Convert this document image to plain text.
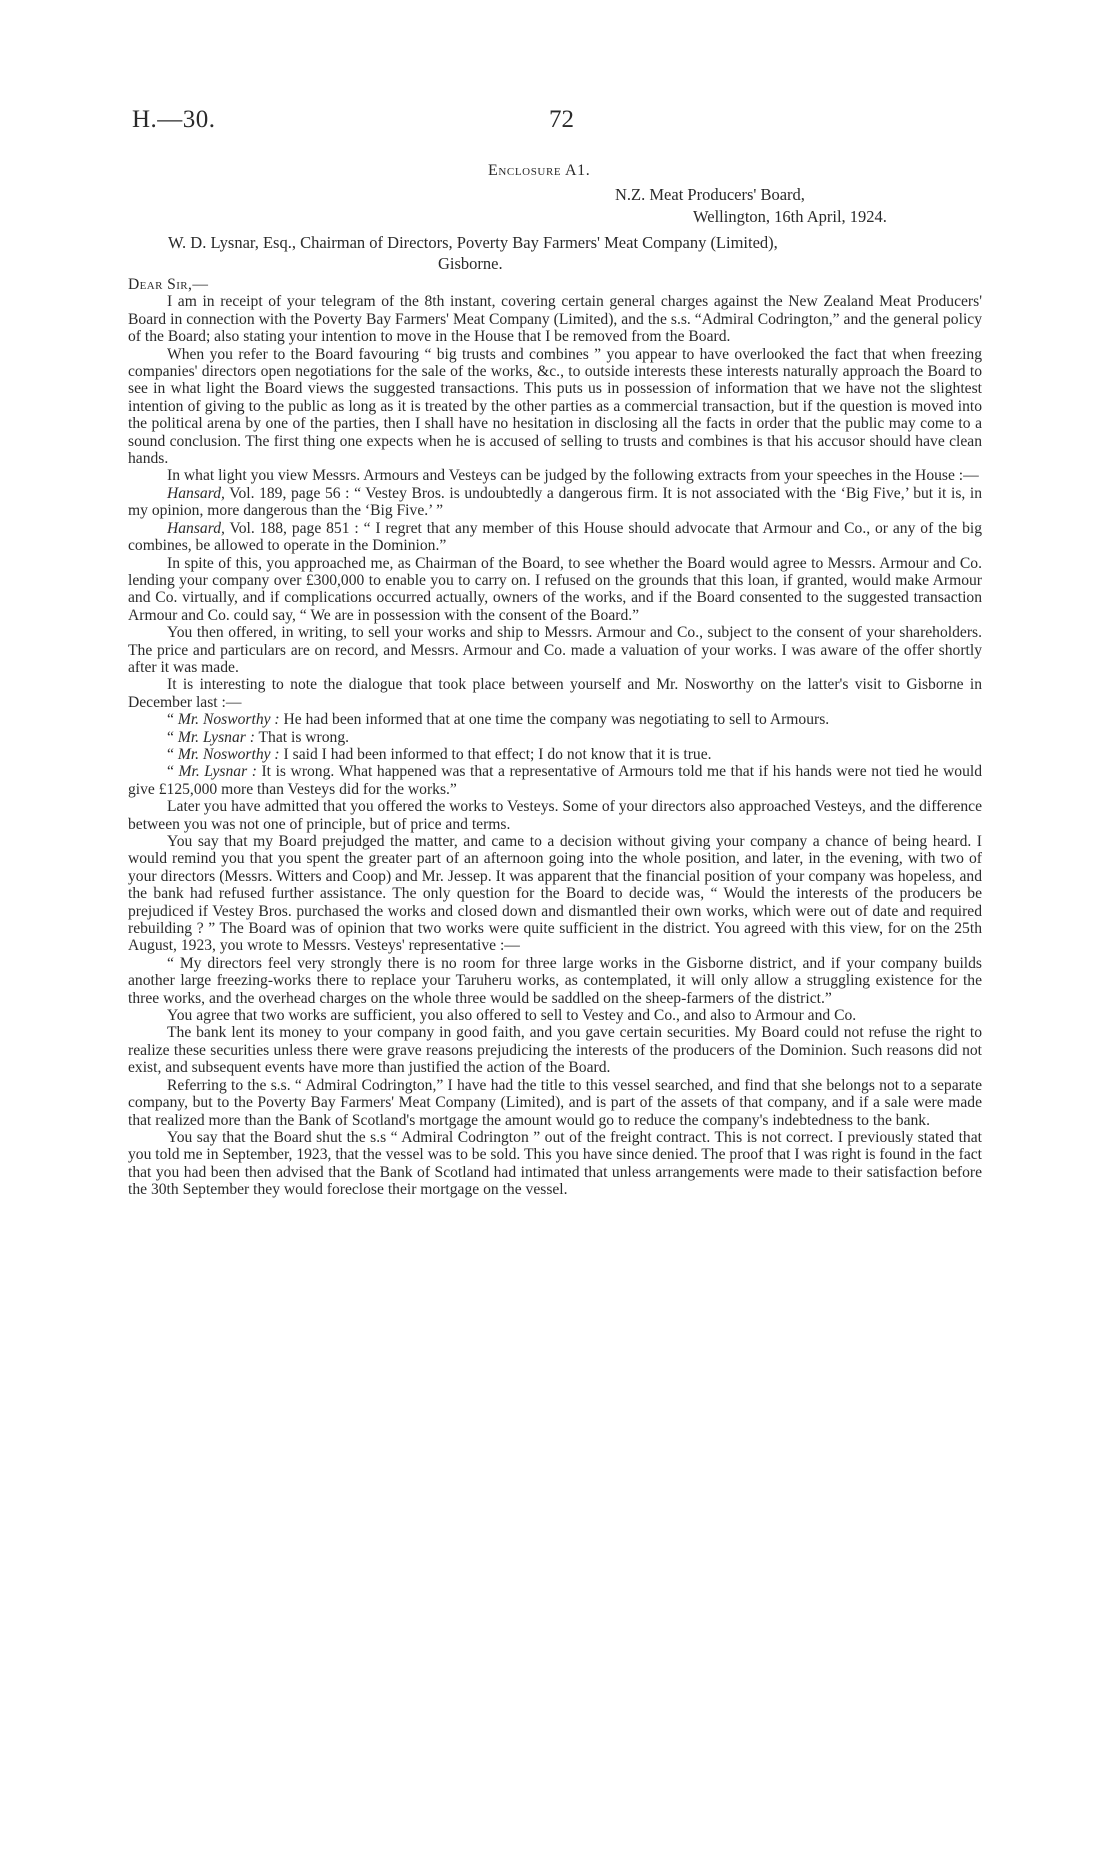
H.—30.	72
Enclosure A1.
N.Z. Meat Producers' Board,
Wellington, 16th April, 1924.
W. D. Lysnar, Esq., Chairman of Directors, Poverty Bay Farmers' Meat Company (Limited),
Gisborne.

Dear Sir,—

I am in receipt of your telegram of the 8th instant, covering certain general charges against the New Zealand Meat Producers' Board in connection with the Poverty Bay Farmers' Meat Company (Limited), and the s.s. “Admiral Codrington,” and the general policy of the Board; also stating your intention to move in the House that I be removed from the Board.

When you refer to the Board favouring “ big trusts and combines ” you appear to have overlooked the fact that when freezing companies' directors open negotiations for the sale of the works, &c., to outside interests these interests naturally approach the Board to see in what light the Board views the suggested transactions. This puts us in possession of information that we have not the slightest intention of giving to the public as long as it is treated by the other parties as a commercial transaction, but if the question is moved into the political arena by one of the parties, then I shall have no hesitation in disclosing all the facts in order that the public may come to a sound conclusion. The first thing one expects when he is accused of selling to trusts and combines is that his accusor should have clean hands.

In what light you view Messrs. Armours and Vesteys can be judged by the following extracts from your speeches in the House :—

Hansard, Vol. 189, page 56 : “ Vestey Bros. is undoubtedly a dangerous firm. It is not associated with the ‘Big Five,’ but it is, in my opinion, more dangerous than the ‘Big Five.’ ”

Hansard, Vol. 188, page 851 : “ I regret that any member of this House should advocate that Armour and Co., or any of the big combines, be allowed to operate in the Dominion.”

In spite of this, you approached me, as Chairman of the Board, to see whether the Board would agree to Messrs. Armour and Co. lending your company over £300,000 to enable you to carry on. I refused on the grounds that this loan, if granted, would make Armour and Co. virtually, and if complications occurred actually, owners of the works, and if the Board consented to the suggested transaction Armour and Co. could say, “ We are in possession with the consent of the Board.”

You then offered, in writing, to sell your works and ship to Messrs. Armour and Co., subject to the consent of your shareholders. The price and particulars are on record, and Messrs. Armour and Co. made a valuation of your works. I was aware of the offer shortly after it was made.

It is interesting to note the dialogue that took place between yourself and Mr. Nosworthy on the latter's visit to Gisborne in December last :—

“ Mr. Nosworthy : He had been informed that at one time the company was negotiating to sell to Armours.

“ Mr. Lysnar : That is wrong.

“ Mr. Nosworthy : I said I had been informed to that effect; I do not know that it is true.

“ Mr. Lysnar : It is wrong. What happened was that a representative of Armours told me that if his hands were not tied he would give £125,000 more than Vesteys did for the works.”

Later you have admitted that you offered the works to Vesteys. Some of your directors also approached Vesteys, and the difference between you was not one of principle, but of price and terms.

You say that my Board prejudged the matter, and came to a decision without giving your company a chance of being heard. I would remind you that you spent the greater part of an afternoon going into the whole position, and later, in the evening, with two of your directors (Messrs. Witters and Coop) and Mr. Jessep. It was apparent that the financial position of your company was hopeless, and the bank had refused further assistance. The only question for the Board to decide was, “ Would the interests of the producers be prejudiced if Vestey Bros. purchased the works and closed down and dismantled their own works, which were out of date and required rebuilding ? ” The Board was of opinion that two works were quite sufficient in the district. You agreed with this view, for on the 25th August, 1923, you wrote to Messrs. Vesteys' representative :—

“ My directors feel very strongly there is no room for three large works in the Gisborne district, and if your company builds another large freezing-works there to replace your Taruheru works, as contemplated, it will only allow a struggling existence for the three works, and the overhead charges on the whole three would be saddled on the sheep-farmers of the district.”

You agree that two works are sufficient, you also offered to sell to Vestey and Co., and also to Armour and Co.

The bank lent its money to your company in good faith, and you gave certain securities. My Board could not refuse the right to realize these securities unless there were grave reasons prejudicing the interests of the producers of the Dominion. Such reasons did not exist, and subsequent events have more than justified the action of the Board.

Referring to the s.s. “ Admiral Codrington,” I have had the title to this vessel searched, and find that she belongs not to a separate company, but to the Poverty Bay Farmers' Meat Company (Limited), and is part of the assets of that company, and if a sale were made that realized more than the Bank of Scotland's mortgage the amount would go to reduce the company's indebtedness to the bank.

You say that the Board shut the s.s “ Admiral Codrington ” out of the freight contract. This is not correct. I previously stated that you told me in September, 1923, that the vessel was to be sold. This you have since denied. The proof that I was right is found in the fact that you had been then advised that the Bank of Scotland had intimated that unless arrangements were made to their satisfaction before the 30th September they would foreclose their mortgage on the vessel.
